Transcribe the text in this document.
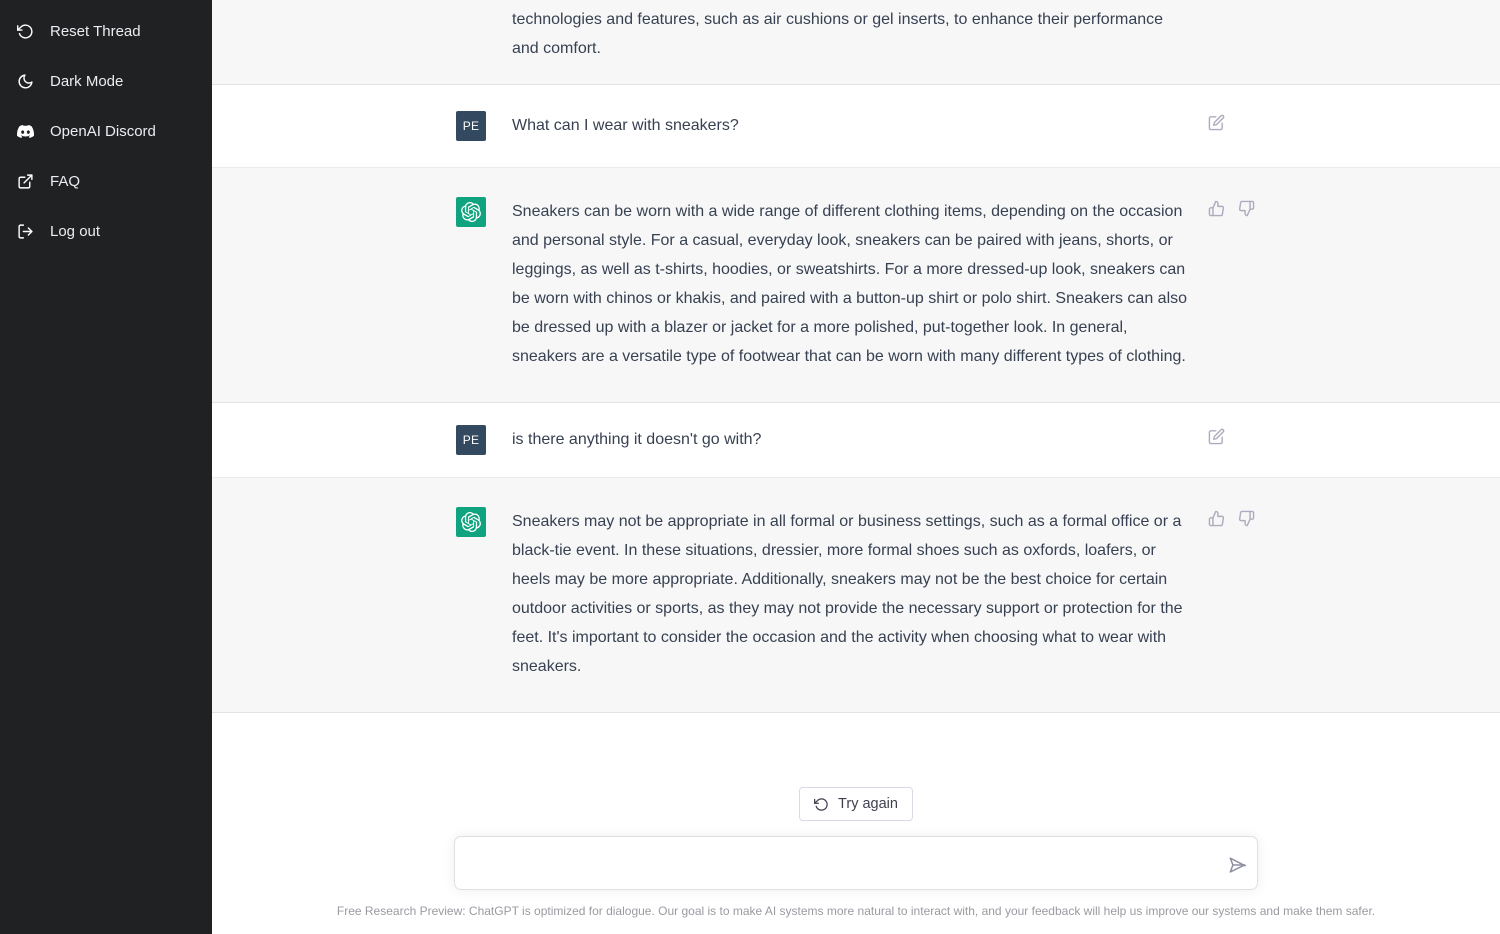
Reset Thread
Dark Mode
OpenAI Discord
FAQ
Log out
technologies and features, such as air cushions or gel inserts, to enhance their performance and comfort.
PE	What can I wear with sneakers?
Sneakers can be worn with a wide range of different clothing items, depending on the occasion and personal style. For a casual, everyday look, sneakers can be paired with jeans, shorts, or leggings, as well as t-shirts, hoodies, or sweatshirts. For a more dressed-up look, sneakers can be worn with chinos or khakis, and paired with a button-up shirt or polo shirt. Sneakers can also be dressed up with a blazer or jacket for a more polished, put-together look. In general, sneakers are a versatile type of footwear that can be worn with many different types of clothing.
PE	is there anything it doesn't go with?
Sneakers may not be appropriate in all formal or business settings, such as a formal office or a black-tie event. In these situations, dressier, more formal shoes such as oxfords, loafers, or heels may be more appropriate. Additionally, sneakers may not be the best choice for certain outdoor activities or sports, as they may not provide the necessary support or protection for the feet. It's important to consider the occasion and the activity when choosing what to wear with sneakers.
Try again
Free Research Preview: ChatGPT is optimized for dialogue. Our goal is to make AI systems more natural to interact with, and your feedback will help us improve our systems and make them safer.
